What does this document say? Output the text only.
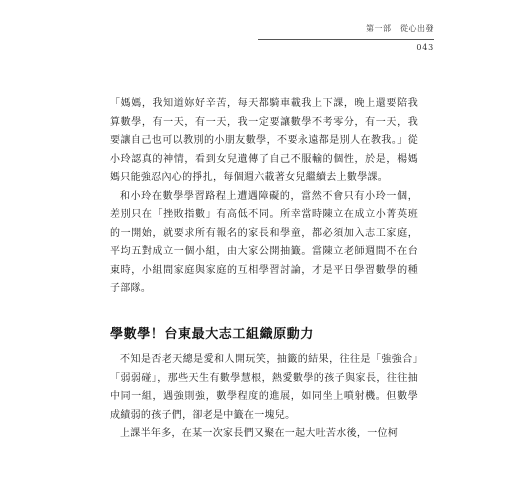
第一部　從心出發
043

「媽媽，我知道妳好辛苦，每天都騎車載我上下課，晚上還要陪我算數學，有一天，有一天，我一定要讓數學不考零分，有一天，我要讓自己也可以教別的小朋友數學，不要永遠都是別人在教我。」從小玲認真的神情，看到女兒遺傳了自己不服輸的個性，於是，楊媽媽只能強忍內心的掙扎，每個週六載著女兒繼續去上數學課。

和小玲在數學學習路程上遭遇障礙的，當然不會只有小玲一個，差別只在「挫敗指數」有高低不同。所幸當時陳立在成立小菁英班的一開始，就要求所有報名的家長和學童，都必須加入志工家庭，平均五對成立一個小組，由大家公開抽籤。當陳立老師週間不在台東時，小組間家庭與家庭的互相學習討論，才是平日學習數學的種子部隊。

學數學！台東最大志工組織原動力

不知是否老天總是愛和人開玩笑，抽籤的結果，往往是「強強合」「弱弱碰」，那些天生有數學慧根，熱愛數學的孩子與家長，往往抽中同一組，遇強則強，數學程度的進展，如同坐上噴射機。但數學成績弱的孩子們，卻老是中籤在一塊兒。

上課半年多，在某一次家長們又聚在一起大吐苦水後，一位柯
